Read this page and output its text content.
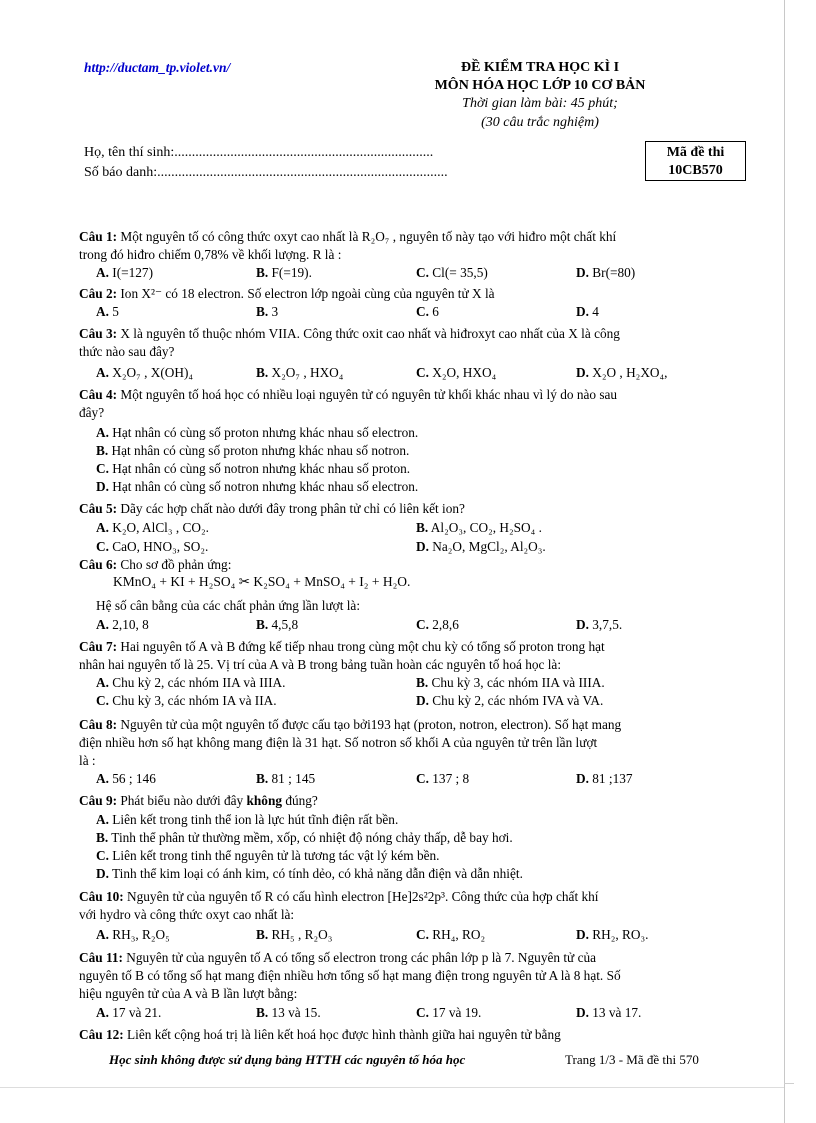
http://ductam_tp.violet.vn/	ĐỀ KIỂM TRA HỌC KÌ I
MÔN HÓA HỌC LỚP 10 CƠ BẢN
Thời gian làm bài: 45 phút;
(30 câu trắc nghiệm)
Họ, tên thí sinh:..........................................................................
Số báo danh:...................................................................................
Mã đề thi
10CB570
Câu 1: Một nguyên tố có công thức oxyt cao nhất là R₂O₇ , nguyên tố này tạo với hiđro một chất khí
trong đó hiđro chiếm 0,78% về khối lượng. R là :
A. I(=127)	B. F(=19).	C. Cl(= 35,5)	D. Br(=80)
Câu 2: Ion X²⁻ có 18 electron. Số electron lớp ngoài cùng của nguyên tử X là
A. 5	B. 3	C. 6	D. 4
Câu 3: X là nguyên tố thuộc nhóm VIIA. Công thức oxit cao nhất và hiđroxyt cao nhất của X là công
thức nào sau đây?
A. X₂O₇ , X(OH)₄	B. X₂O₇ , HXO₄	C. X₂O, HXO₄	D. X₂O , H₂XO₄,
Câu 4: Một nguyên tố hoá học có nhiều loại nguyên tử có nguyên tử khối khác nhau vì lý do nào sau
đây?
A. Hạt nhân có cùng số proton nhưng khác nhau số electron.
B. Hạt nhân có cùng số proton nhưng khác nhau số notron.
C. Hạt nhân có cùng số notron nhưng khác nhau số proton.
D. Hạt nhân có cùng số notron nhưng khác nhau số electron.
Câu 5: Dãy các hợp chất nào dưới đây trong phân tử chỉ có liên kết ion?
A. K₂O, AlCl₃ , CO₂.	B. Al₂O₃, CO₂, H₂SO₄ .
C. CaO, HNO₃, SO₂.	D. Na₂O, MgCl₂, Al₂O₃.
Câu 6: Cho sơ đồ phản ứng:
KMnO₄ + KI + H₂SO₄ ✂ K₂SO₄ + MnSO₄ + I₂ + H₂O.
Hệ số cân bằng của các chất phản ứng lần lượt là:
A. 2,10, 8	B. 4,5,8	C. 2,8,6	D. 3,7,5.
Câu 7: Hai nguyên tố A và B đứng kế tiếp nhau trong cùng một chu kỳ có tổng số proton trong hạt
nhân hai nguyên tố là 25. Vị trí của A và B trong bảng tuần hoàn các nguyên tố hoá học là:
A. Chu kỳ 2, các nhóm IIA và IIIA.	B. Chu kỳ 3, các nhóm IIA và IIIA.
C. Chu kỳ 3, các nhóm IA và IIA.	D. Chu kỳ 2, các nhóm IVA và VA.
Câu 8: Nguyên tử của một nguyên tố được cấu tạo bởi193 hạt (proton, notron, electron). Số hạt mang
điện nhiều hơn số hạt không mang điện là 31 hạt. Số notron số khối A của nguyên tử trên lần lượt
là :
A. 56 ; 146	B. 81 ; 145	C. 137 ; 8	D. 81 ;137
Câu 9: Phát biểu nào dưới đây không đúng?
A. Liên kết trong tinh thể ion là lực hút tĩnh điện rất bền.
B. Tinh thể phân tử thường mềm, xốp, có nhiệt độ nóng chảy thấp, dễ bay hơi.
C. Liên kết trong tinh thể nguyên tử là tương tác vật lý kém bền.
D. Tinh thể kim loại có ánh kim, có tính dẻo, có khả năng dẫn điện và dẫn nhiệt.
Câu 10: Nguyên tử của nguyên tố R có cấu hình electron [He]2s²2p³. Công thức của hợp chất khí
với hydro và công thức oxyt cao nhất là:
A. RH₃, R₂O₅	B. RH₅ , R₂O₃	C. RH₄, RO₂	D. RH₂, RO₃.
Câu 11: Nguyên tử của nguyên tố A có tổng số electron trong các phân lớp p là 7. Nguyên tử của
nguyên tố B có tổng số hạt mang điện nhiều hơn tổng số hạt mang điện trong nguyên tử A là 8 hạt. Số
hiệu nguyên tử của A và B lần lượt bằng:
A. 17 và 21.	B. 13 và 15.	C. 17 và 19.	D. 13 và 17.
Câu 12: Liên kết cộng hoá trị là liên kết hoá học được hình thành giữa hai nguyên tử bằng
Học sinh không được sử dụng bảng HTTH các nguyên tố hóa học	Trang 1/3 - Mã đề thi 570
